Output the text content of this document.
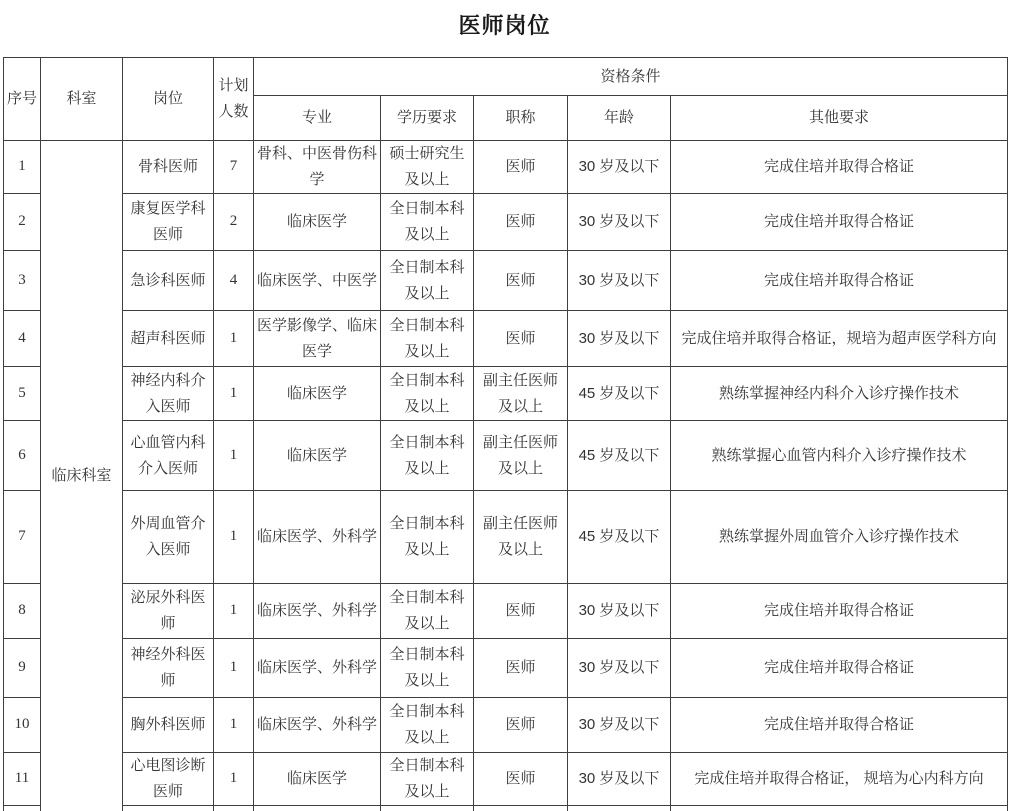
医师岗位
序号	科室	岗位	计划人数	资格条件				
				专业	学历要求	职称	年龄	其他要求
1	临床科室	骨科医师	7	骨科、中医骨伤科学	硕士研究生及以上	医师	30 岁及以下	完成住培并取得合格证
2		康复医学科医师	2	临床医学	全日制本科及以上	医师	30 岁及以下	完成住培并取得合格证
3		急诊科医师	4	临床医学、中医学	全日制本科及以上	医师	30 岁及以下	完成住培并取得合格证
4		超声科医师	1	医学影像学、临床医学	全日制本科及以上	医师	30 岁及以下	完成住培并取得合格证，规培为超声医学科方向
5		神经内科介入医师	1	临床医学	全日制本科及以上	副主任医师及以上	45 岁及以下	熟练掌握神经内科介入诊疗操作技术
6		心血管内科介入医师	1	临床医学	全日制本科及以上	副主任医师及以上	45 岁及以下	熟练掌握心血管内科介入诊疗操作技术
7		外周血管介入医师	1	临床医学、外科学	全日制本科及以上	副主任医师及以上	45 岁及以下	熟练掌握外周血管介入诊疗操作技术
8		泌尿外科医师	1	临床医学、外科学	全日制本科及以上	医师	30 岁及以下	完成住培并取得合格证
9		神经外科医师	1	临床医学、外科学	全日制本科及以上	医师	30 岁及以下	完成住培并取得合格证
10		胸外科医师	1	临床医学、外科学	全日制本科及以上	医师	30 岁及以下	完成住培并取得合格证
11		心电图诊断医师	1	临床医学	全日制本科及以上	医师	30 岁及以下	完成住培并取得合格证， 规培为心内科方向
